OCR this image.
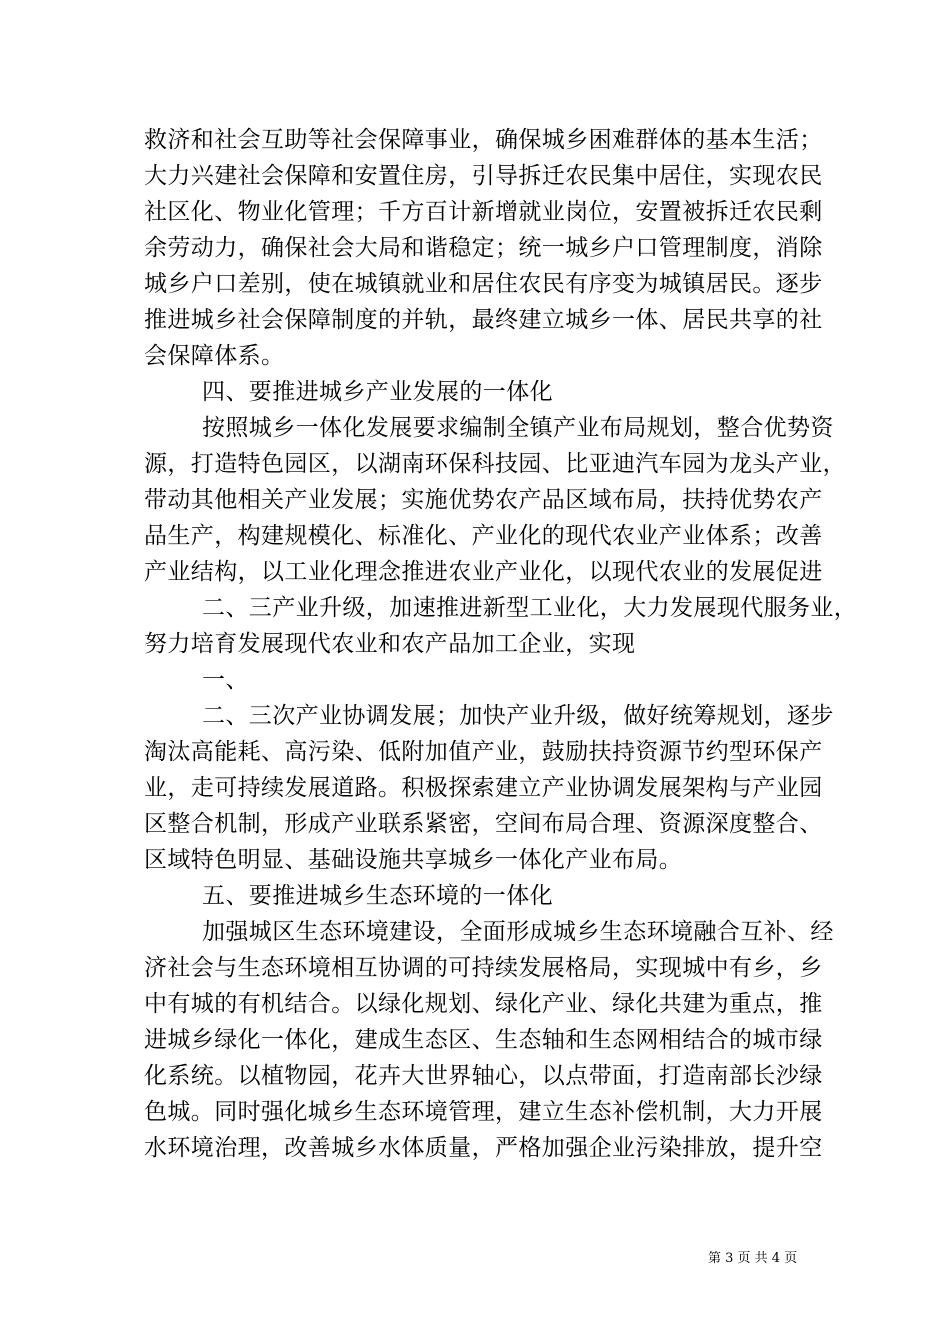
救济和社会互助等社会保障事业，确保城乡困难群体的基本生活；
大力兴建社会保障和安置住房，引导拆迁农民集中居住，实现农民
社区化、物业化管理；千方百计新增就业岗位，安置被拆迁农民剩
余劳动力，确保社会大局和谐稳定；统一城乡户口管理制度，消除
城乡户口差别，使在城镇就业和居住农民有序变为城镇居民。逐步
推进城乡社会保障制度的并轨，最终建立城乡一体、居民共享的社
会保障体系。
四、要推进城乡产业发展的一体化
按照城乡一体化发展要求编制全镇产业布局规划，整合优势资
源，打造特色园区，以湖南环保科技园、比亚迪汽车园为龙头产业，
带动其他相关产业发展；实施优势农产品区域布局，扶持优势农产
品生产，构建规模化、标准化、产业化的现代农业产业体系；改善
产业结构，以工业化理念推进农业产业化，以现代农业的发展促进
二、三产业升级，加速推进新型工业化，大力发展现代服务业，
努力培育发展现代农业和农产品加工企业，实现
一、
二、三次产业协调发展；加快产业升级，做好统筹规划，逐步
淘汰高能耗、高污染、低附加值产业，鼓励扶持资源节约型环保产
业，走可持续发展道路。积极探索建立产业协调发展架构与产业园
区整合机制，形成产业联系紧密，空间布局合理、资源深度整合、
区域特色明显、基础设施共享城乡一体化产业布局。
五、要推进城乡生态环境的一体化
加强城区生态环境建设，全面形成城乡生态环境融合互补、经
济社会与生态环境相互协调的可持续发展格局，实现城中有乡，乡
中有城的有机结合。以绿化规划、绿化产业、绿化共建为重点，推
进城乡绿化一体化，建成生态区、生态轴和生态网相结合的城市绿
化系统。以植物园，花卉大世界轴心，以点带面，打造南部长沙绿
色城。同时强化城乡生态环境管理，建立生态补偿机制，大力开展
水环境治理，改善城乡水体质量，严格加强企业污染排放，提升空
第 3 页 共 4 页
